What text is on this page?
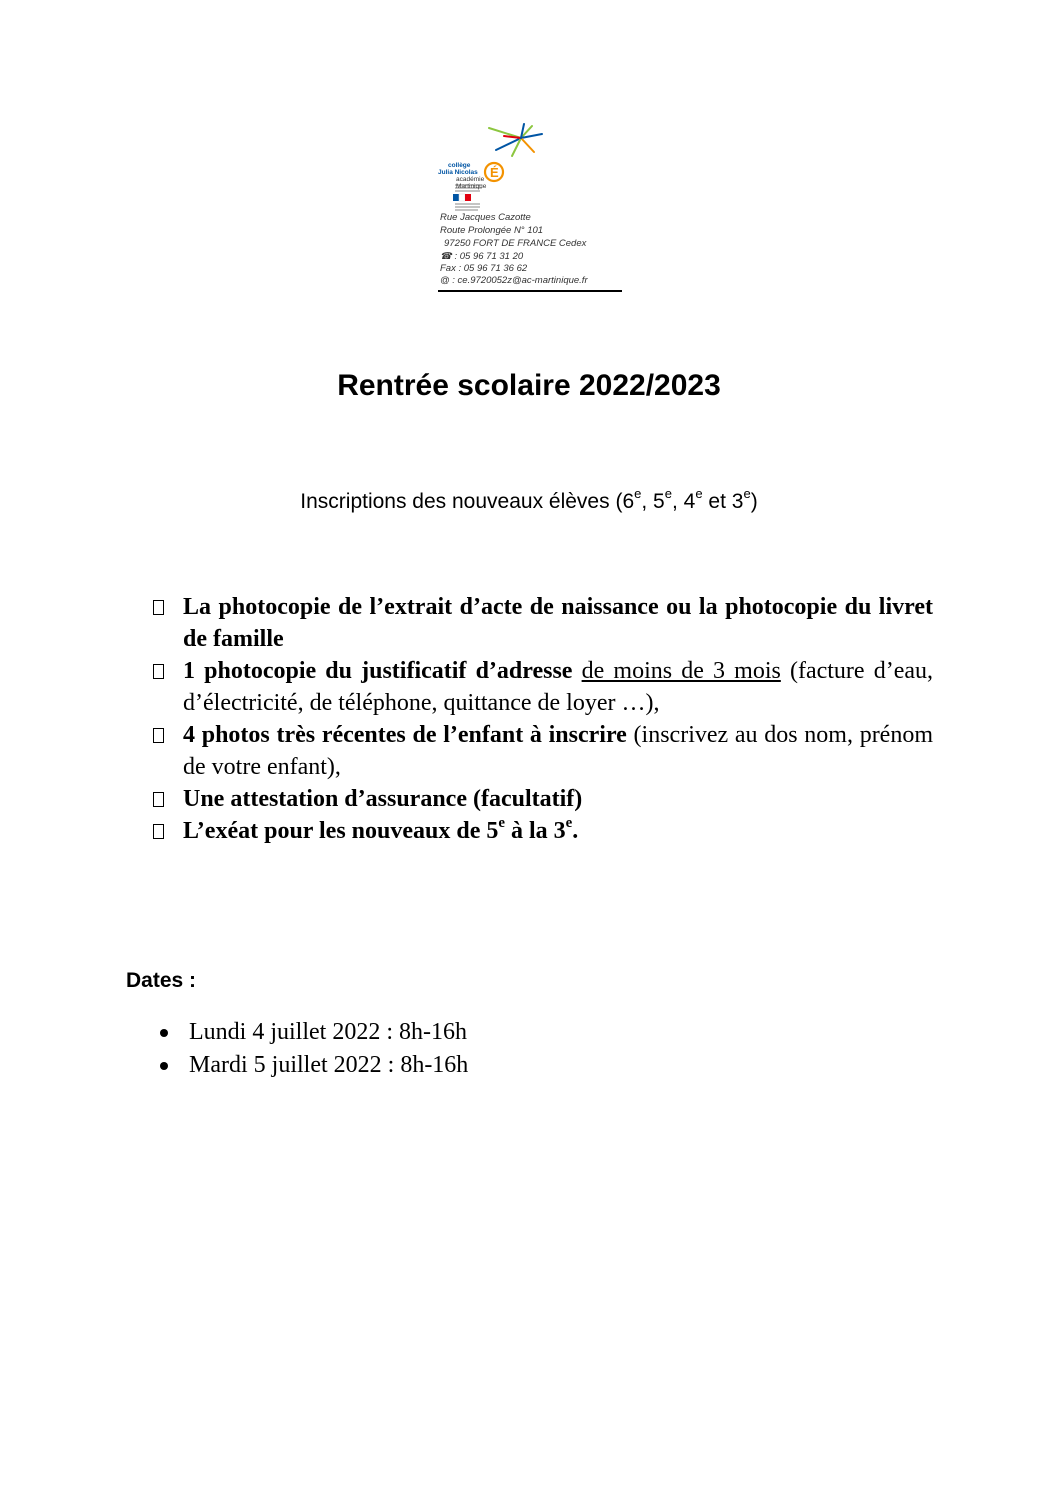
É
collège
Julia Nicolas
académie
Martinique
Rue Jacques Cazotte
Route Prolongée N° 101
97250 FORT DE FRANCE Cedex
☎ : 05 96 71 31 20
Fax : 05 96 71 36 62
@ : ce.9720052z@ac-martinique.fr
Rentrée scolaire 2022/2023
Inscriptions des nouveaux élèves (6e, 5e, 4e et 3e)
La photocopie de l’extrait d’acte de naissance ou la photocopie du livret de famille
1 photocopie du justificatif d’adresse de moins de 3 mois (facture d’eau, d’électricité, de téléphone, quittance de loyer …),
4 photos très récentes de l’enfant à inscrire (inscrivez au dos nom, prénom de votre enfant),
Une attestation d’assurance (facultatif)
L’exéat pour les nouveaux de 5e à la 3e.
Dates :
Lundi 4 juillet 2022 : 8h-16h
Mardi 5 juillet 2022 : 8h-16h
